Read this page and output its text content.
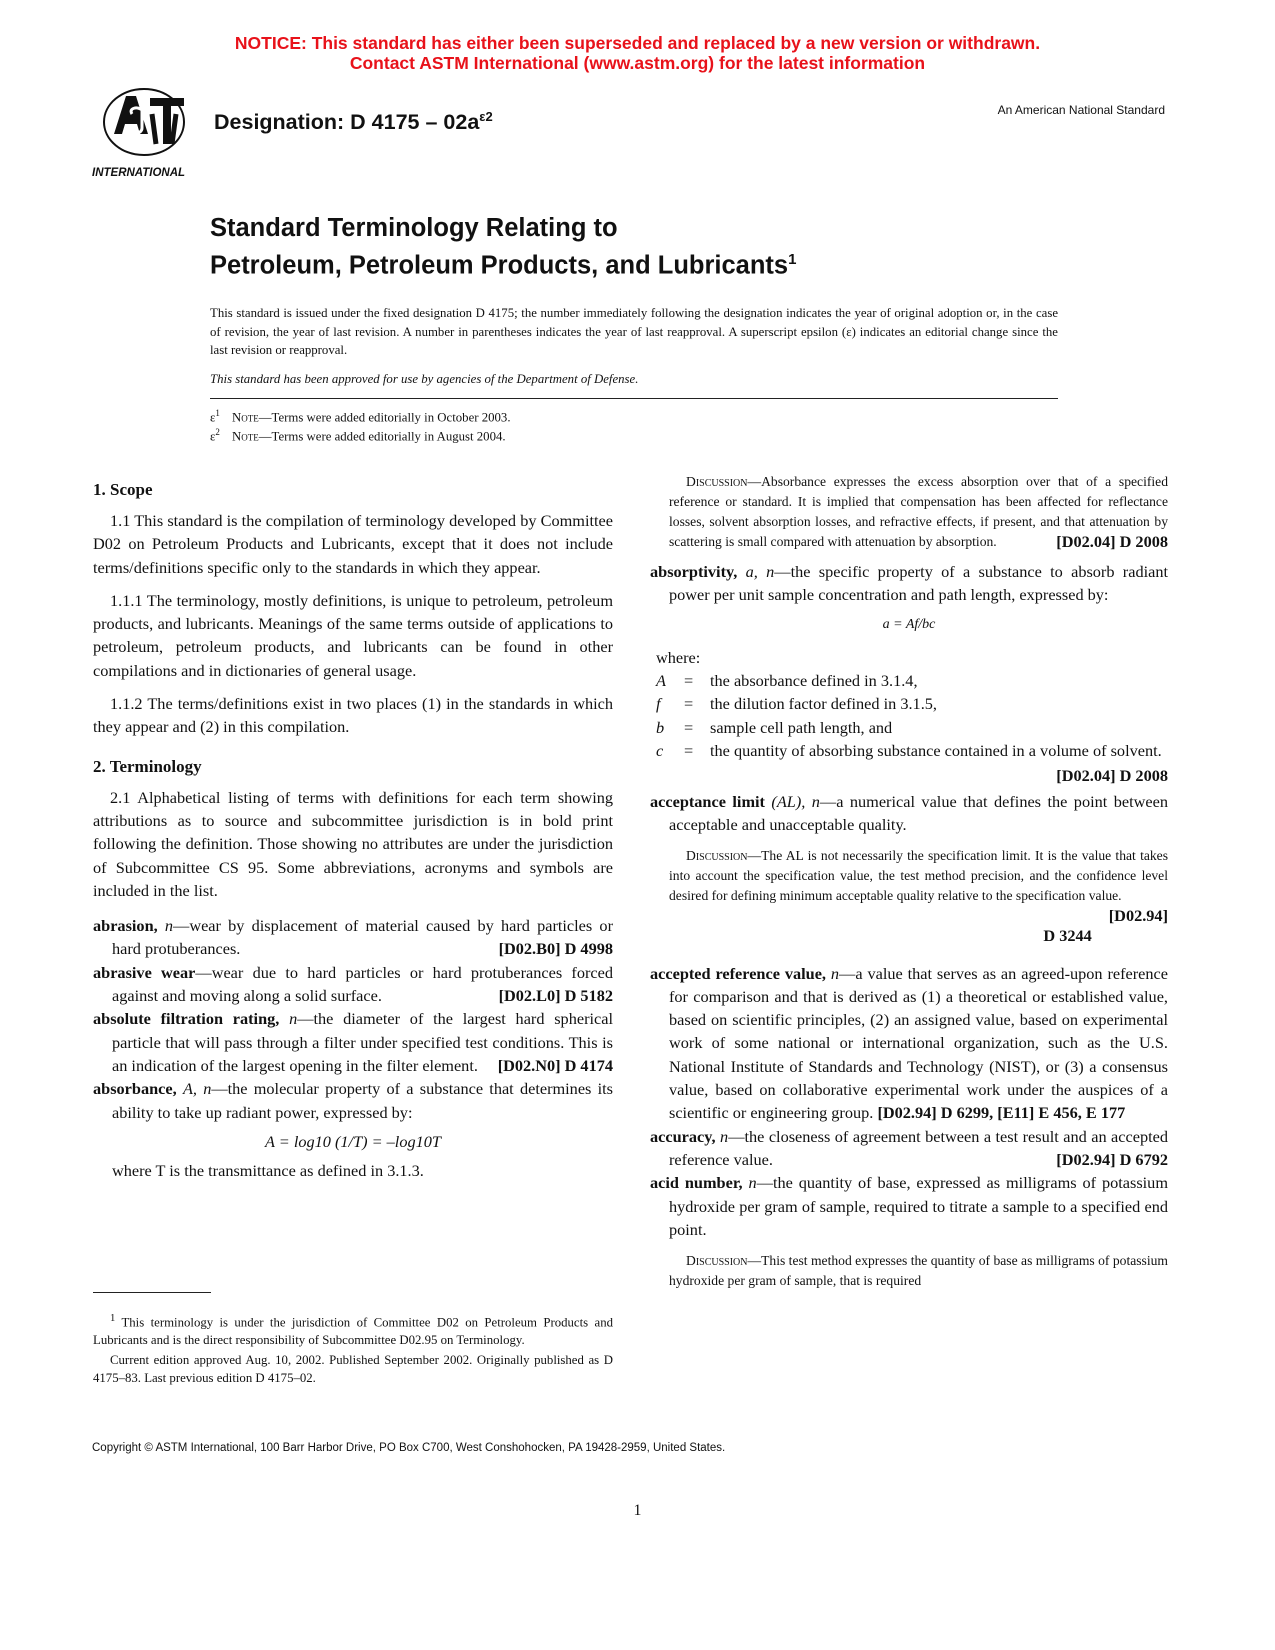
NOTICE: This standard has either been superseded and replaced by a new version or withdrawn.
Contact ASTM International (www.astm.org) for the latest information
INTERNATIONAL
Designation: D $4175 - 02a^{\varepsilon 2}$	An American National Standard
Standard Terminology Relating to
Petroleum, Petroleum Products, and Lubricants$^1$
This standard is issued under the fixed designation D 4175; the number immediately following the designation indicates the year of original adoption or, in the case of revision, the year of last revision. A number in parentheses indicates the year of last reapproval. A superscript epsilon (ε) indicates an editorial change since the last revision or reapproval.
This standard has been approved for use by agencies of the Department of Defense.
$\varepsilon^1$ Note—Terms were added editorially in October 2003.
$\varepsilon^2$ Note—Terms were added editorially in August 2004.
1. Scope

1.1 This standard is the compilation of terminology developed by Committee D02 on Petroleum Products and Lubricants, except that it does not include terms/definitions specific only to the standards in which they appear.

1.1.1 The terminology, mostly definitions, is unique to petroleum, petroleum products, and lubricants. Meanings of the same terms outside of applications to petroleum, petroleum products, and lubricants can be found in other compilations and in dictionaries of general usage.

1.1.2 The terms/definitions exist in two places (1) in the standards in which they appear and (2) in this compilation.

2. Terminology

2.1 Alphabetical listing of terms with definitions for each term showing attributions as to source and subcommittee jurisdiction is in bold print following the definition. Those showing no attributes are under the jurisdiction of Subcommittee CS 95. Some abbreviations, acronyms and symbols are included in the list.

abrasion, n—wear by displacement of material caused by hard particles or hard protuberances.	[D02.B0] D 4998
abrasive wear—wear due to hard particles or hard protuberances forced against and moving along a solid surface.	[D02.L0] D 5182
absolute filtration rating, n—the diameter of the largest hard spherical particle that will pass through a filter under specified test conditions. This is an indication of the largest opening in the filter element. [D02.N0] D 4174
absorbance, A, n—the molecular property of a substance that determines its ability to take up radiant power, expressed by:
A = log10 (1/T) = –log10T
where T is the transmittance as defined in 3.1.3.
Discussion—Absorbance expresses the excess absorption over that of a specified reference or standard. It is implied that compensation has been affected for reflectance losses, solvent absorption losses, and refractive effects, if present, and that attenuation by scattering is small compared with attenuation by absorption.	[D02.04] D 2008
absorptivity, a, n—the specific property of a substance to absorb radiant power per unit sample concentration and path length, expressed by:
a = Af/bc
where:
A	=	the absorbance defined in 3.1.4,
f	=	the dilution factor defined in 3.1.5,
b	=	sample cell path length, and
c	=	the quantity of absorbing substance contained in a volume of solvent.
[D02.04] D 2008
acceptance limit (AL), n—a numerical value that defines the point between acceptable and unacceptable quality.
Discussion—The AL is not necessarily the specification limit. It is the value that takes into account the specification value, the test method precision, and the confidence level desired for defining minimum acceptable quality relative to the specification value.
[D02.94]
D 3244
accepted reference value, n—a value that serves as an agreed-upon reference for comparison and that is derived as (1) a theoretical or established value, based on scientific principles, (2) an assigned value, based on experimental work of some national or international organization, such as the U.S. National Institute of Standards and Technology (NIST), or (3) a consensus value, based on collaborative experimental work under the auspices of a scientific or engineering group. [D02.94] D 6299, [E11] E 456, E 177
accuracy, n—the closeness of agreement between a test result and an accepted reference value.	[D02.94] D 6792
acid number, n—the quantity of base, expressed as milligrams of potassium hydroxide per gram of sample, required to titrate a sample to a specified end point.
Discussion—This test method expresses the quantity of base as milligrams of potassium hydroxide per gram of sample, that is required

$^1$ This terminology is under the jurisdiction of Committee D02 on Petroleum Products and Lubricants and is the direct responsibility of Subcommittee D02.95 on Terminology.

Current edition approved Aug. 10, 2002. Published September 2002. Originally published as D 4175–83. Last previous edition D 4175–02.

Copyright © ASTM International, 100 Barr Harbor Drive, PO Box C700, West Conshohocken, PA 19428-2959, United States.
1
